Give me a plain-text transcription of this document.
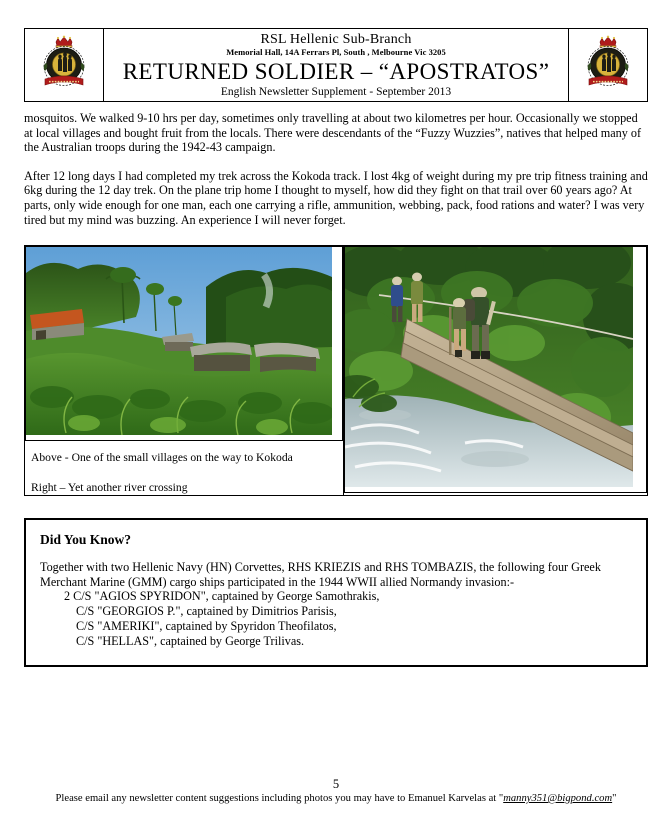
RSL Hellenic Sub-Branch
Memorial Hall, 14A Ferrars Pl, South , Melbourne Vic 3205
RETURNED SOLDIER – “APOSTRATOS”
English Newsletter Supplement - September 2013

mosquitos. We walked 9-10 hrs per day, sometimes only travelling at about two kilometres per hour. Occasionally we stopped at local villages and bought fruit from the locals. There were descendants of the “Fuzzy Wuzzies”, natives that helped many of the Australian troops during the 1942-43 campaign.

After 12 long days I had completed my trek across the Kokoda track. I lost 4kg of weight during my pre trip fitness training and 6kg during the 12 day trek. On the plane trip home I thought to myself, how did they fight on that trail over 60 years ago? At parts, only wide enough for one man, each one carrying a rifle, ammunition, webbing, pack, food rations and water? I was very tired but my mind was buzzing. An experience I will never forget.

Above - One of the small villages on the way to Kokoda
Right – Yet another river crossing

Did You Know?

Together with two Hellenic Navy (HN) Corvettes, RHS KRIEZIS and RHS TOMBAZIS, the following four Greek Merchant Marine (GMM) cargo ships participated in the 1944 WWII allied Normandy invasion:-

2 C/S "AGIOS SPYRIDON", captained by George Samothrakis,
C/S "GEORGIOS P.", captained by Dimitrios Parisis,
C/S "AMERIKI", captained by Spyridon Theofilatos,
C/S "HELLAS", captained by George Trilivas.
5
Please email any newsletter content suggestions including photos you may have to Emanuel Karvelas at "manny351@bigpond.com"
